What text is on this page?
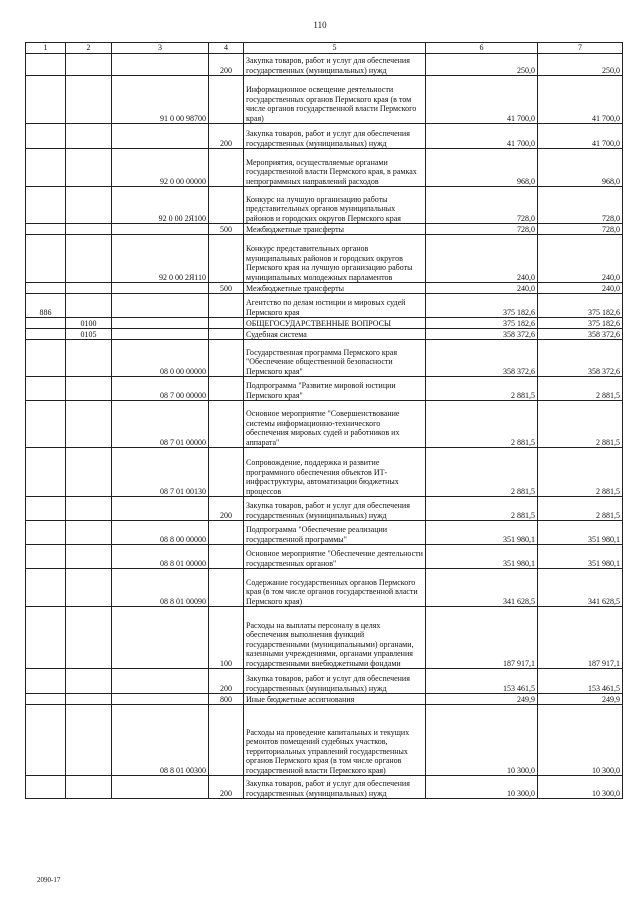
110
1	2	3	4	5	6	7
			200	Закупка товаров, работ и услуг для обеспечения государственных (муниципальных) нужд	250,0	250,0
		91 0 00 98700		Информационное освещение деятельности государственных органов Пермского края (в том числе органов государственной власти Пермского края)	41 700,0	41 700,0
			200	Закупка товаров, работ и услуг для обеспечения государственных (муниципальных) нужд	41 700,0	41 700,0
		92 0 00 00000		Мероприятия, осуществляемые органами государственной власти Пермского края, в рамках непрограммных направлений расходов	968,0	968,0
		92 0 00 2Я100		Конкурс на лучшую организацию работы представительных органов муниципальных районов и городских округов Пермского края	728,0	728,0
			500	Межбюджетные трансферты	728,0	728,0
		92 0 00 2Я110		Конкурс представительных органов муниципальных районов и городских округов Пермского края на лучшую организацию работы муниципальных молодежных парламентов	240,0	240,0
			500	Межбюджетные трансферты	240,0	240,0
886				Агентство по делам юстиции и мировых судей Пермского края	375 182,6	375 182,6
	0100			ОБЩЕГОСУДАРСТВЕННЫЕ ВОПРОСЫ	375 182,6	375 182,6
	0105			Судебная система	358 372,6	358 372,6
		08 0 00 00000		Государственная программа Пермского края "Обеспечение общественной безопасности Пермского края"	358 372,6	358 372,6
		08 7 00 00000		Подпрограмма "Развитие мировой юстиции Пермского края"	2 881,5	2 881,5
		08 7 01 00000		Основное мероприятие "Совершенствование системы информационно-технического обеспечения мировых судей и работников их аппарата"	2 881,5	2 881,5
		08 7 01 00130		Сопровождение, поддержка и развитие программного обеспечения объектов ИТ-инфраструктуры, автоматизации бюджетных процессов	2 881,5	2 881,5
			200	Закупка товаров, работ и услуг для обеспечения государственных (муниципальных) нужд	2 881,5	2 881,5
		08 8 00 00000		Подпрограмма "Обеспечение реализации государственной программы"	351 980,1	351 980,1
		08 8 01 00000		Основное мероприятие "Обеспечение деятельности государственных органов"	351 980,1	351 980,1
		08 8 01 00090		Содержание государственных органов Пермского края (в том числе органов государственной власти Пермского края)	341 628,5	341 628,5
			100	Расходы на выплаты персоналу в целях обеспечения выполнения функций государственными (муниципальными) органами, казенными учреждениями, органами управления государственными внебюджетными фондами	187 917,1	187 917,1
			200	Закупка товаров, работ и услуг для обеспечения государственных (муниципальных) нужд	153 461,5	153 461,5
			800	Иные бюджетные ассигнования	249,9	249,9
		08 8 01 00300		Расходы на проведение капитальных и текущих ремонтов помещений судебных участков, территориальных управлений государственных органов Пермского края (в том числе органов государственной власти Пермского края)	10 300,0	10 300,0
			200	Закупка товаров, работ и услуг для обеспечения государственных (муниципальных) нужд	10 300,0	10 300,0
2090-17
